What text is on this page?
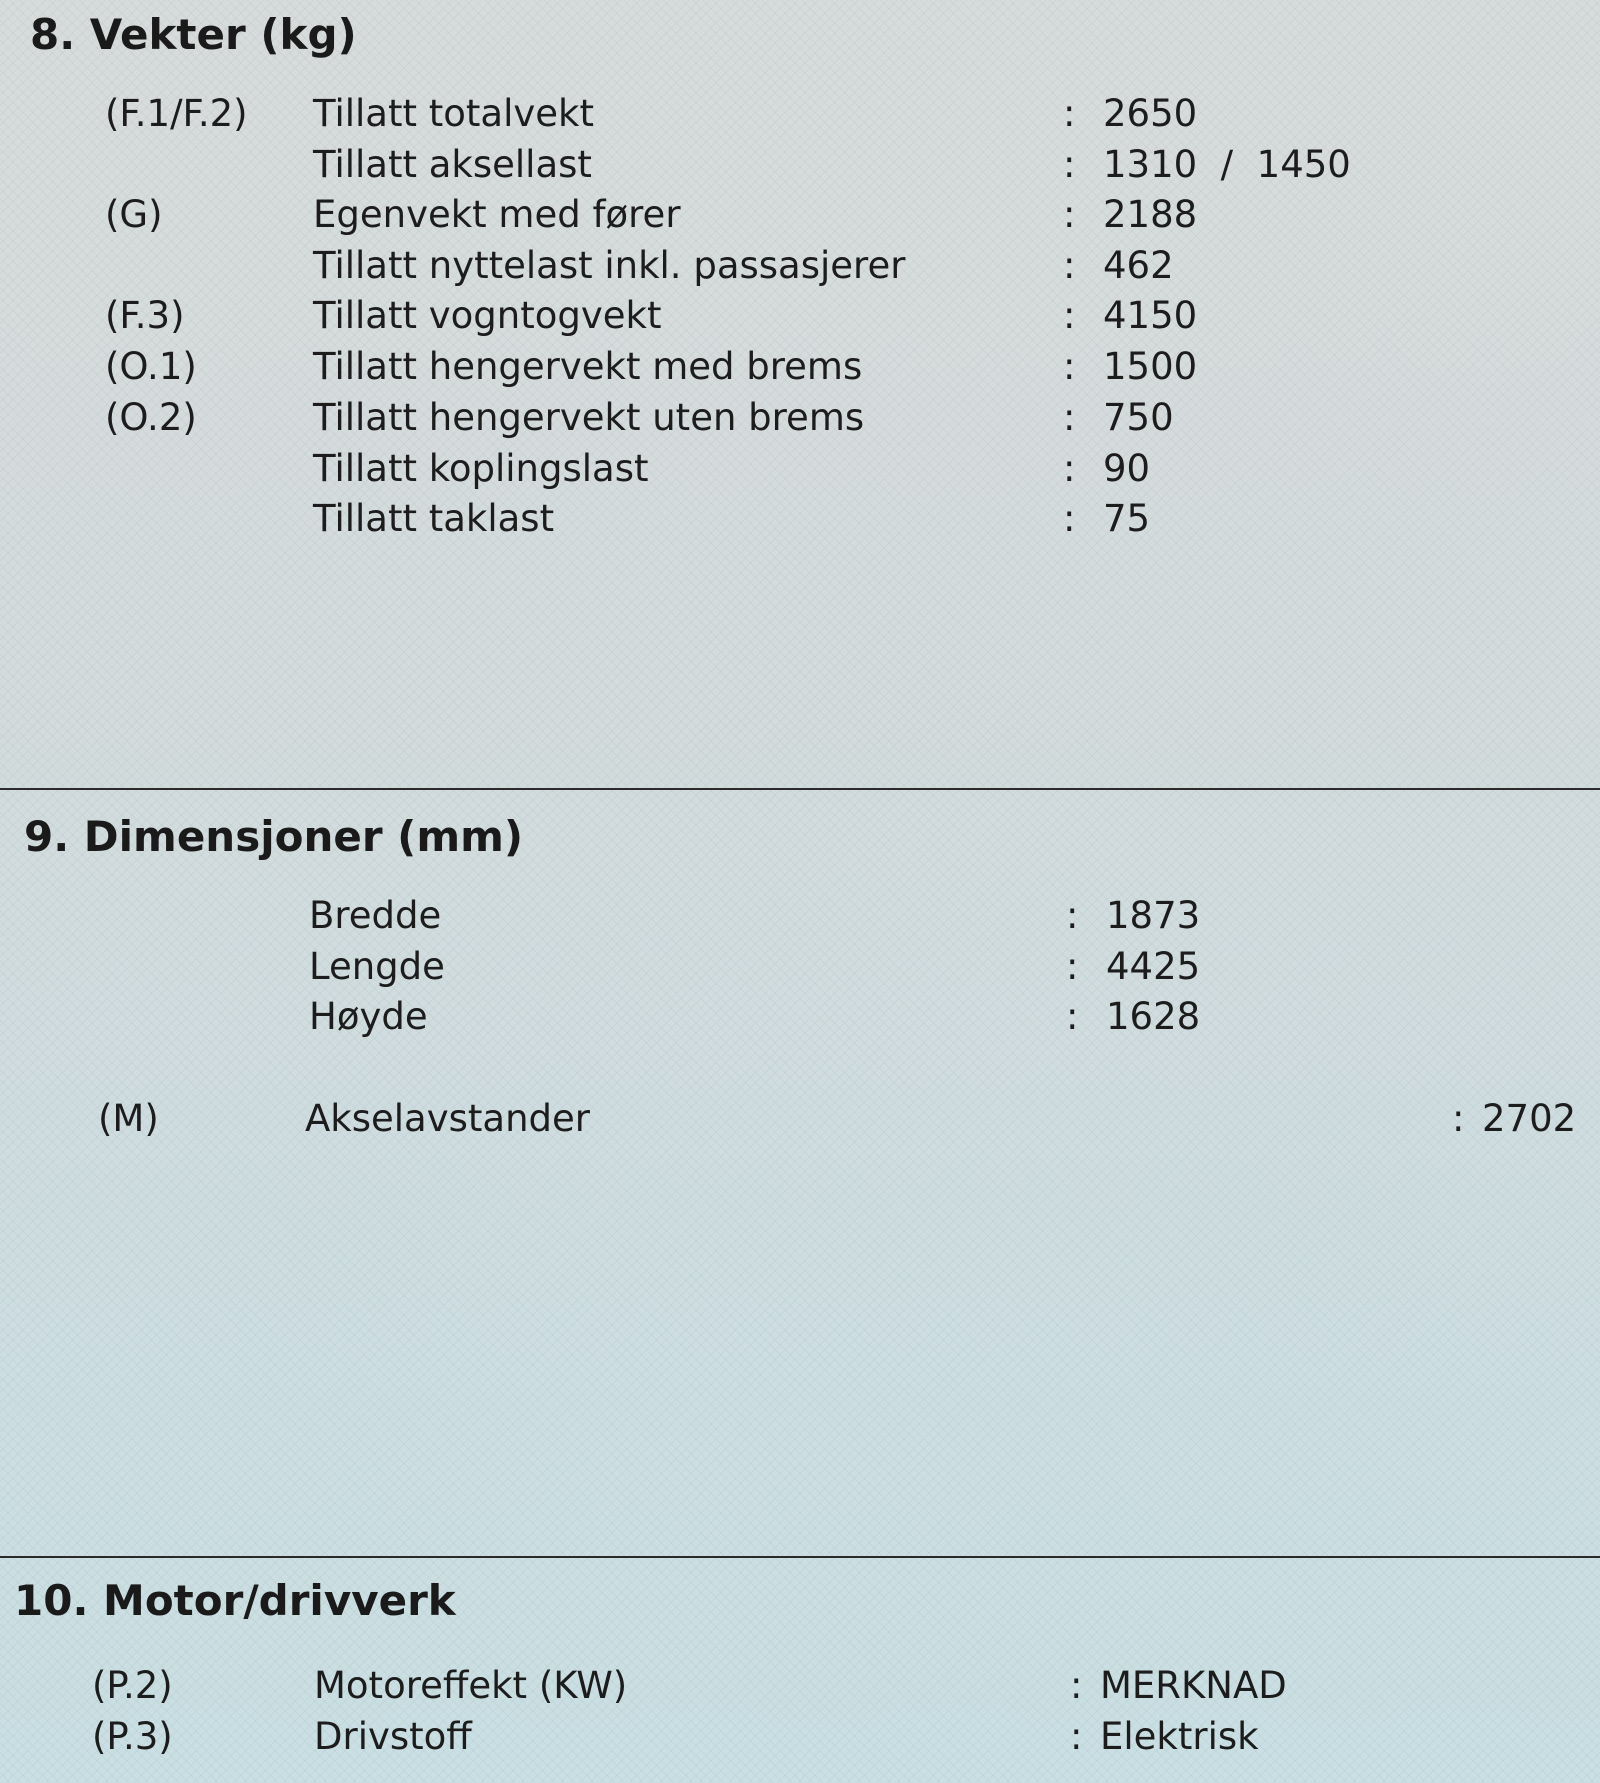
8. Vekter (kg)
(F.1/F.2) Tillatt totalvekt	: 2650
Tillatt aksellast	: 1310  /  1450
(G)	Egenvekt med fører	: 2188
Tillatt nyttelast inkl. passasjerer	: 462
(F.3)	Tillatt vogntogvekt	: 4150
(O.1)	Tillatt hengervekt med brems	: 1500
(O.2)	Tillatt hengervekt uten brems	: 750
Tillatt koplingslast	: 90
Tillatt taklast	: 75
9. Dimensjoner (mm)
Bredde	: 1873
Lengde	: 4425
Høyde	: 1628
(M)	Akselavstander	: 2702
10. Motor/drivverk
(P.2)	Motoreffekt (KW)	: MERKNAD
(P.3)	Drivstoff	: Elektrisk
